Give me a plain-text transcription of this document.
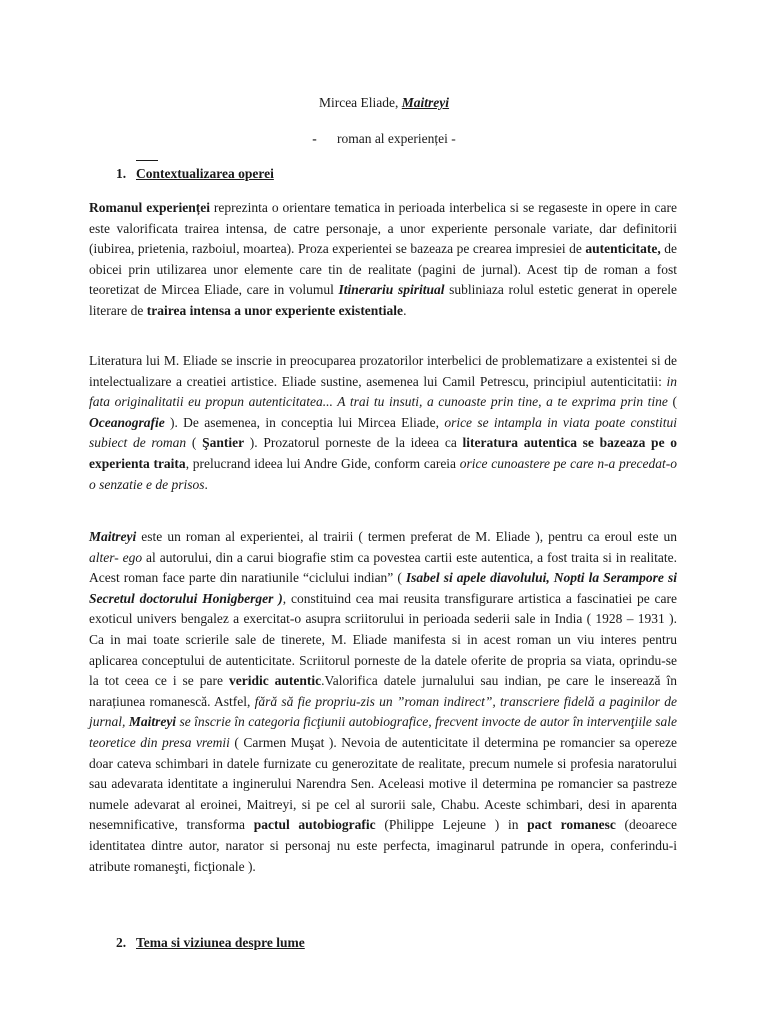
Mircea Eliade, Maitreyi
- roman al experienței -
1. Contextualizarea operei

Romanul experienței reprezinta o orientare tematica in perioada interbelica si se regaseste in opere in care este valorificata trairea intensa, de catre personaje, a unor experiente personale variate, dar definitorii (iubirea, prietenia, razboiul, moartea). Proza experientei se bazeaza pe crearea impresiei de autenticitate, de obicei prin utilizarea unor elemente care tin de realitate (pagini de jurnal). Acest tip de roman a fost teoretizat de Mircea Eliade, care in volumul Itinerariu spiritual subliniaza rolul estetic generat in operele literare de trairea intensa a unor experiente existentiale.

Literatura lui M. Eliade se inscrie in preocuparea prozatorilor interbelici de problematizare a existentei si de intelectualizare a creatiei artistice. Eliade sustine, asemenea lui Camil Petrescu, principiul autenticitatii: in fata originalitatii eu propun autenticitatea... A trai tu insuti, a cunoaste prin tine, a te exprima prin tine ( Oceanografie ). De asemenea, in conceptia lui Mircea Eliade, orice se intampla in viata poate constitui subiect de roman ( Şantier ). Prozatorul porneste de la ideea ca literatura autentica se bazeaza pe o experienta traita, prelucrand ideea lui Andre Gide, conform careia orice cunoastere pe care n-a precedat-o o senzatie e de prisos.

Maitreyi este un roman al experientei, al trairii ( termen preferat de M. Eliade ), pentru ca eroul este un alter- ego al autorului, din a carui biografie stim ca povestea cartii este autentica, a fost traita si in realitate. Acest roman face parte din naratiunile “ciclului indian” ( Isabel si apele diavolului, Nopti la Serampore si Secretul doctorului Honigberger ), constituind cea mai reusita transfigurare artistica a fascinatiei pe care exoticul univers bengalez a exercitat-o asupra scriitorului in perioada sederii sale in India ( 1928 – 1931 ). Ca in mai toate scrierile sale de tinerete, M. Eliade manifesta si in acest roman un viu interes pentru aplicarea conceptului de autenticitate. Scriitorul porneste de la datele oferite de propria sa viata, oprindu-se la tot ceea ce i se pare veridic autentic.Valorifica datele jurnalului sau indian, pe care le inserează în narațiunea romanescă. Astfel, fără să fie propriu-zis un ”roman indirect”, transcriere fidelă a paginilor de jurnal, Maitreyi se înscrie în categoria ficţiunii autobiografice, frecvent invocte de autor în intervenţiile sale teoretice din presa vremii ( Carmen Muşat ). Nevoia de autenticitate il determina pe romancier sa opereze doar cateva schimbari in datele furnizate cu generozitate de realitate, precum numele si profesia naratorului sau adevarata identitate a inginerului Narendra Sen. Aceleasi motive il determina pe romancier sa pastreze numele adevarat al eroinei, Maitreyi, si pe cel al surorii sale, Chabu. Aceste schimbari, desi in aparenta nesemnificative, transforma pactul autobiografic (Philippe Lejeune ) in pact romanesc (deoarece identitatea dintre autor, narator si personaj nu este perfecta, imaginarul patrunde in opera, conferindu-i atribute romaneşti, ficţionale ).

2. Tema si viziunea despre lume
